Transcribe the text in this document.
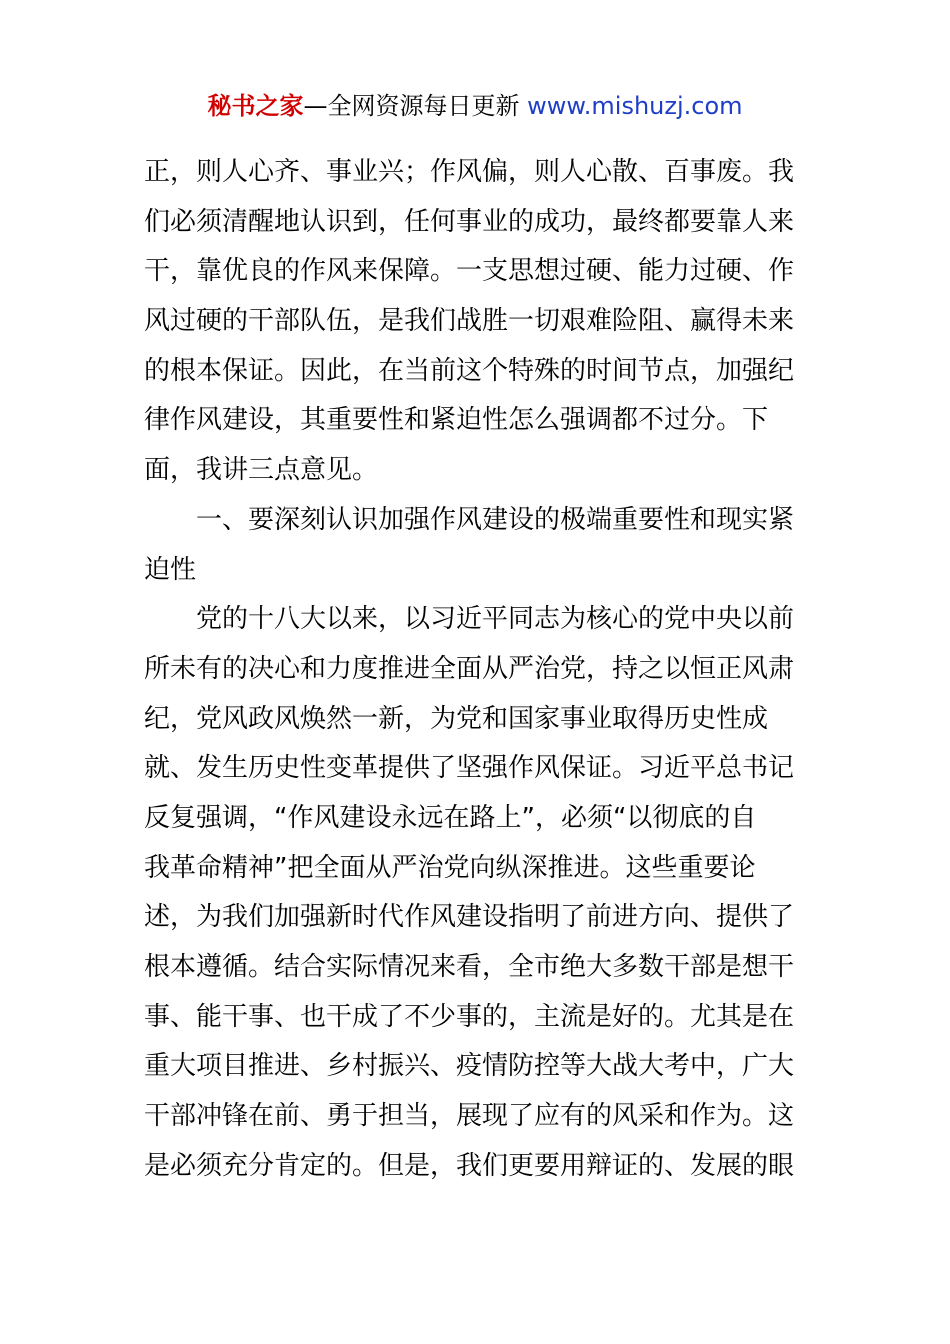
秘书之家—全网资源每日更新 www.mishuzj.com
正，则人心齐、事业兴；作风偏，则人心散、百事废。我
们必须清醒地认识到，任何事业的成功，最终都要靠人来
干，靠优良的作风来保障。一支思想过硬、能力过硬、作
风过硬的干部队伍，是我们战胜一切艰难险阻、赢得未来
的根本保证。因此，在当前这个特殊的时间节点，加强纪
律作风建设，其重要性和紧迫性怎么强调都不过分。下
面，我讲三点意见。
一、要深刻认识加强作风建设的极端重要性和现实紧
迫性
党的十八大以来，以习近平同志为核心的党中央以前
所未有的决心和力度推进全面从严治党，持之以恒正风肃
纪，党风政风焕然一新，为党和国家事业取得历史性成
就、发生历史性变革提供了坚强作风保证。习近平总书记
反复强调，“作风建设永远在路上”，必须“以彻底的自
我革命精神”把全面从严治党向纵深推进。这些重要论
述，为我们加强新时代作风建设指明了前进方向、提供了
根本遵循。结合实际情况来看，全市绝大多数干部是想干
事、能干事、也干成了不少事的，主流是好的。尤其是在
重大项目推进、乡村振兴、疫情防控等大战大考中，广大
干部冲锋在前、勇于担当，展现了应有的风采和作为。这
是必须充分肯定的。但是，我们更要用辩证的、发展的眼
